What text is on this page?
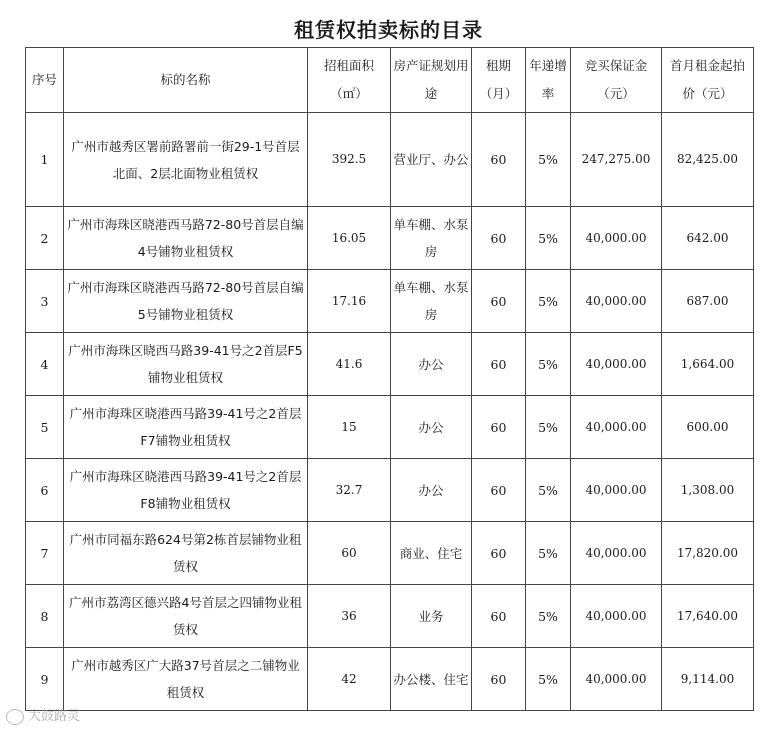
租赁权拍卖标的目录
序号	标的名称	招租面积（㎡）	房产证规划用途	租期（月）	年递增率	竞买保证金（元）	首月租金起拍价（元）
1	广州市越秀区署前路署前一街29-1号首层北面、2层北面物业租赁权	392.5	营业厅、办公	60	5%	247,275.00	82,425.00
2	广州市海珠区晓港西马路72-80号首层自编4号铺物业租赁权	16.05	单车棚、水泵房	60	5%	40,000.00	642.00
3	广州市海珠区晓港西马路72-80号首层自编5号铺物业租赁权	17.16	单车棚、水泵房	60	5%	40,000.00	687.00
4	广州市海珠区晓西马路39-41号之2首层F5铺物业租赁权	41.6	办公	60	5%	40,000.00	1,664.00
5	广州市海珠区晓港西马路39-41号之2首层F7铺物业租赁权	15	办公	60	5%	40,000.00	600.00
6	广州市海珠区晓港西马路39-41号之2首层F8铺物业租赁权	32.7	办公	60	5%	40,000.00	1,308.00
7	广州市同福东路624号第2栋首层铺物业租赁权	60	商业、住宅	60	5%	40,000.00	17,820.00
8	广州市荔湾区德兴路4号首层之四铺物业租赁权	36	业务	60	5%	40,000.00	17,640.00
9	广州市越秀区广大路37号首层之二铺物业租赁权	42	办公楼、住宅	60	5%	40,000.00	9,114.00
大鼓路灵
